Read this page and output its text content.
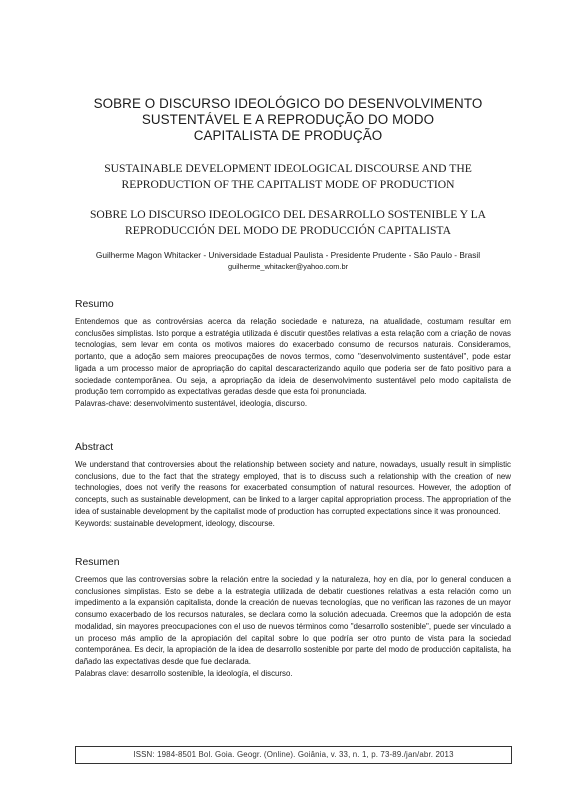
SOBRE O DISCURSO IDEOLÓGICO DO DESENVOLVIMENTO
SUSTENTÁVEL E A REPRODUÇÃO DO MODO
CAPITALISTA DE PRODUÇÃO
SUSTAINABLE DEVELOPMENT IDEOLOGICAL DISCOURSE AND THE
REPRODUCTION OF THE CAPITALIST MODE OF PRODUCTION
SOBRE LO DISCURSO IDEOLOGICO DEL DESARROLLO SOSTENIBLE Y LA
REPRODUCCIÓN DEL MODO DE PRODUCCIÓN CAPITALISTA
Guilherme Magon Whitacker - Universidade Estadual Paulista - Presidente Prudente - São Paulo - Brasil
guilherme_whitacker@yahoo.com.br
Resumo

Entendemos que as controvérsias acerca da relação sociedade e natureza, na atualidade, costumam resultar em conclusões simplistas. Isto porque a estratégia utilizada é discutir questões relativas a esta relação com a criação de novas tecnologias, sem levar em conta os motivos maiores do exacerbado consumo de recursos naturais. Consideramos, portanto, que a adoção sem maiores preocupações de novos termos, como "desenvolvimento sustentável", pode estar ligada a um processo maior de apropriação do capital descaracterizando aquilo que poderia ser de fato positivo para a sociedade contemporânea. Ou seja, a apropriação da ideia de desenvolvimento sustentável pelo modo capitalista de produção tem corrompido as expectativas geradas desde que esta foi pronunciada.

Palavras-chave: desenvolvimento sustentável, ideologia, discurso.

Abstract

We understand that controversies about the relationship between society and nature, nowadays, usually result in simplistic conclusions, due to the fact that the strategy employed, that is to discuss such a relationship with the creation of new technologies, does not verify the reasons for exacerbated consumption of natural resources. However, the adoption of concepts, such as sustainable development, can be linked to a larger capital appropriation process. The appropriation of the idea of sustainable development by the capitalist mode of production has corrupted expectations since it was pronounced.

Keywords: sustainable development, ideology, discourse.

Resumen

Creemos que las controversias sobre la relación entre la sociedad y la naturaleza, hoy en día, por lo general conducen a conclusiones simplistas. Esto se debe a la estrategia utilizada de debatir cuestiones relativas a esta relación como un impedimento a la expansión capitalista, donde la creación de nuevas tecnologías, que no verifican las razones de un mayor consumo exacerbado de los recursos naturales, se declara como la solución adecuada. Creemos que la adopción de esta modalidad, sin mayores preocupaciones con el uso de nuevos términos como "desarrollo sostenible", puede ser vinculado a un proceso más amplio de la apropiación del capital sobre lo que podría ser otro punto de vista para la sociedad contemporánea. Es decir, la apropiación de la idea de desarrollo sostenible por parte del modo de producción capitalista, ha dañado las expectativas desde que fue declarada.

Palabras clave: desarrollo sostenible, la ideología, el discurso.

ISSN: 1984-8501 Bol. Goia. Geogr. (Online). Goiânia, v. 33, n. 1, p. 73-89./jan/abr. 2013
